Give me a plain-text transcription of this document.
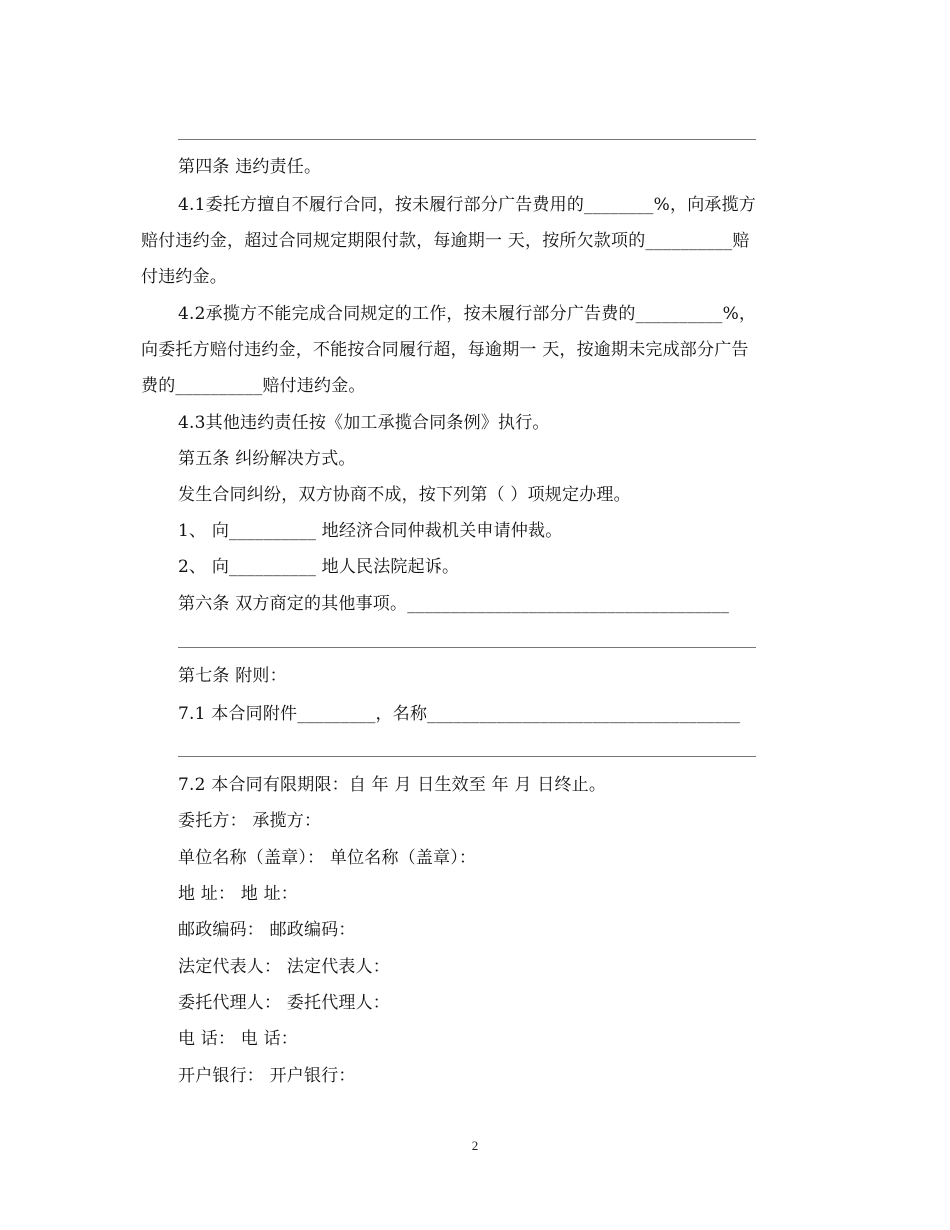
第四条 违约责任。
4.1委托方擅自不履行合同，按未履行部分广告费用的________%，向承揽方
赔付违约金，超过合同规定期限付款，每逾期一 天，按所欠款项的__________赔
付违约金。
4.2承揽方不能完成合同规定的工作，按未履行部分广告费的__________%，
向委托方赔付违约金，不能按合同履行超，每逾期一 天，按逾期未完成部分广告
费的__________赔付违约金。
4.3其他违约责任按《加工承揽合同条例》执行。
第五条 纠纷解决方式。
发生合同纠纷，双方协商不成，按下列第（ ）项规定办理。
1、 向__________ 地经济合同仲裁机关申请仲裁。
2、 向__________ 地人民法院起诉。
第六条 双方商定的其他事项。_____________________________________
第七条 附则：
7.1 本合同附件_________，名称____________________________________
7.2 本合同有限期限：自 年 月 日生效至 年 月 日终止。
委托方： 承揽方：
单位名称（盖章）： 单位名称（盖章）：
地 址： 地 址：
邮政编码： 邮政编码：
法定代表人： 法定代表人：
委托代理人： 委托代理人：
电 话： 电 话：
开户银行： 开户银行：
2
